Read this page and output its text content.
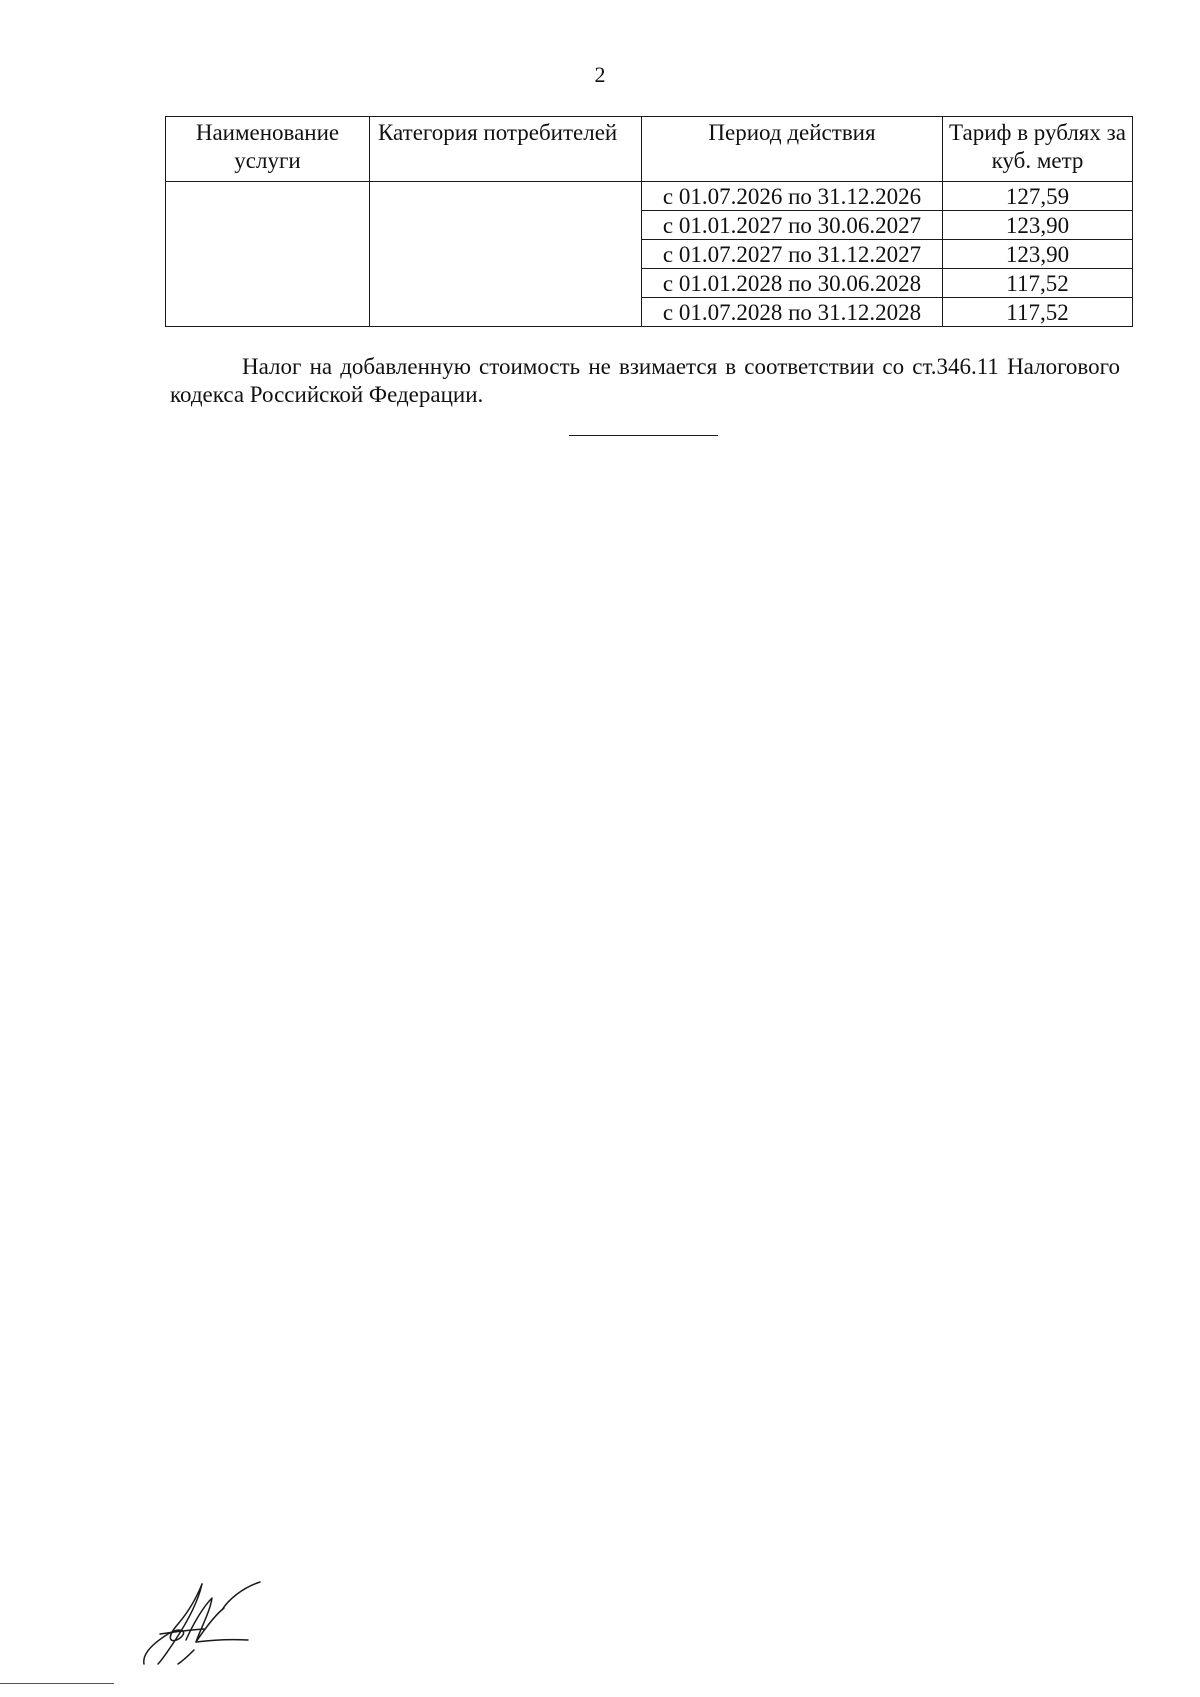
2
Наименование услуги	Категория потребителей	Период действия	Тариф в рублях за куб. метр
		с 01.07.2026 по 31.12.2026	127,59
		с 01.01.2027 по 30.06.2027	123,90
		с 01.07.2027 по 31.12.2027	123,90
		с 01.01.2028 по 30.06.2028	117,52
		с 01.07.2028 по 31.12.2028	117,52

Налог на добавленную стоимость не взимается в соответствии со ст.346.11 Налогового кодекса Российской Федерации.
